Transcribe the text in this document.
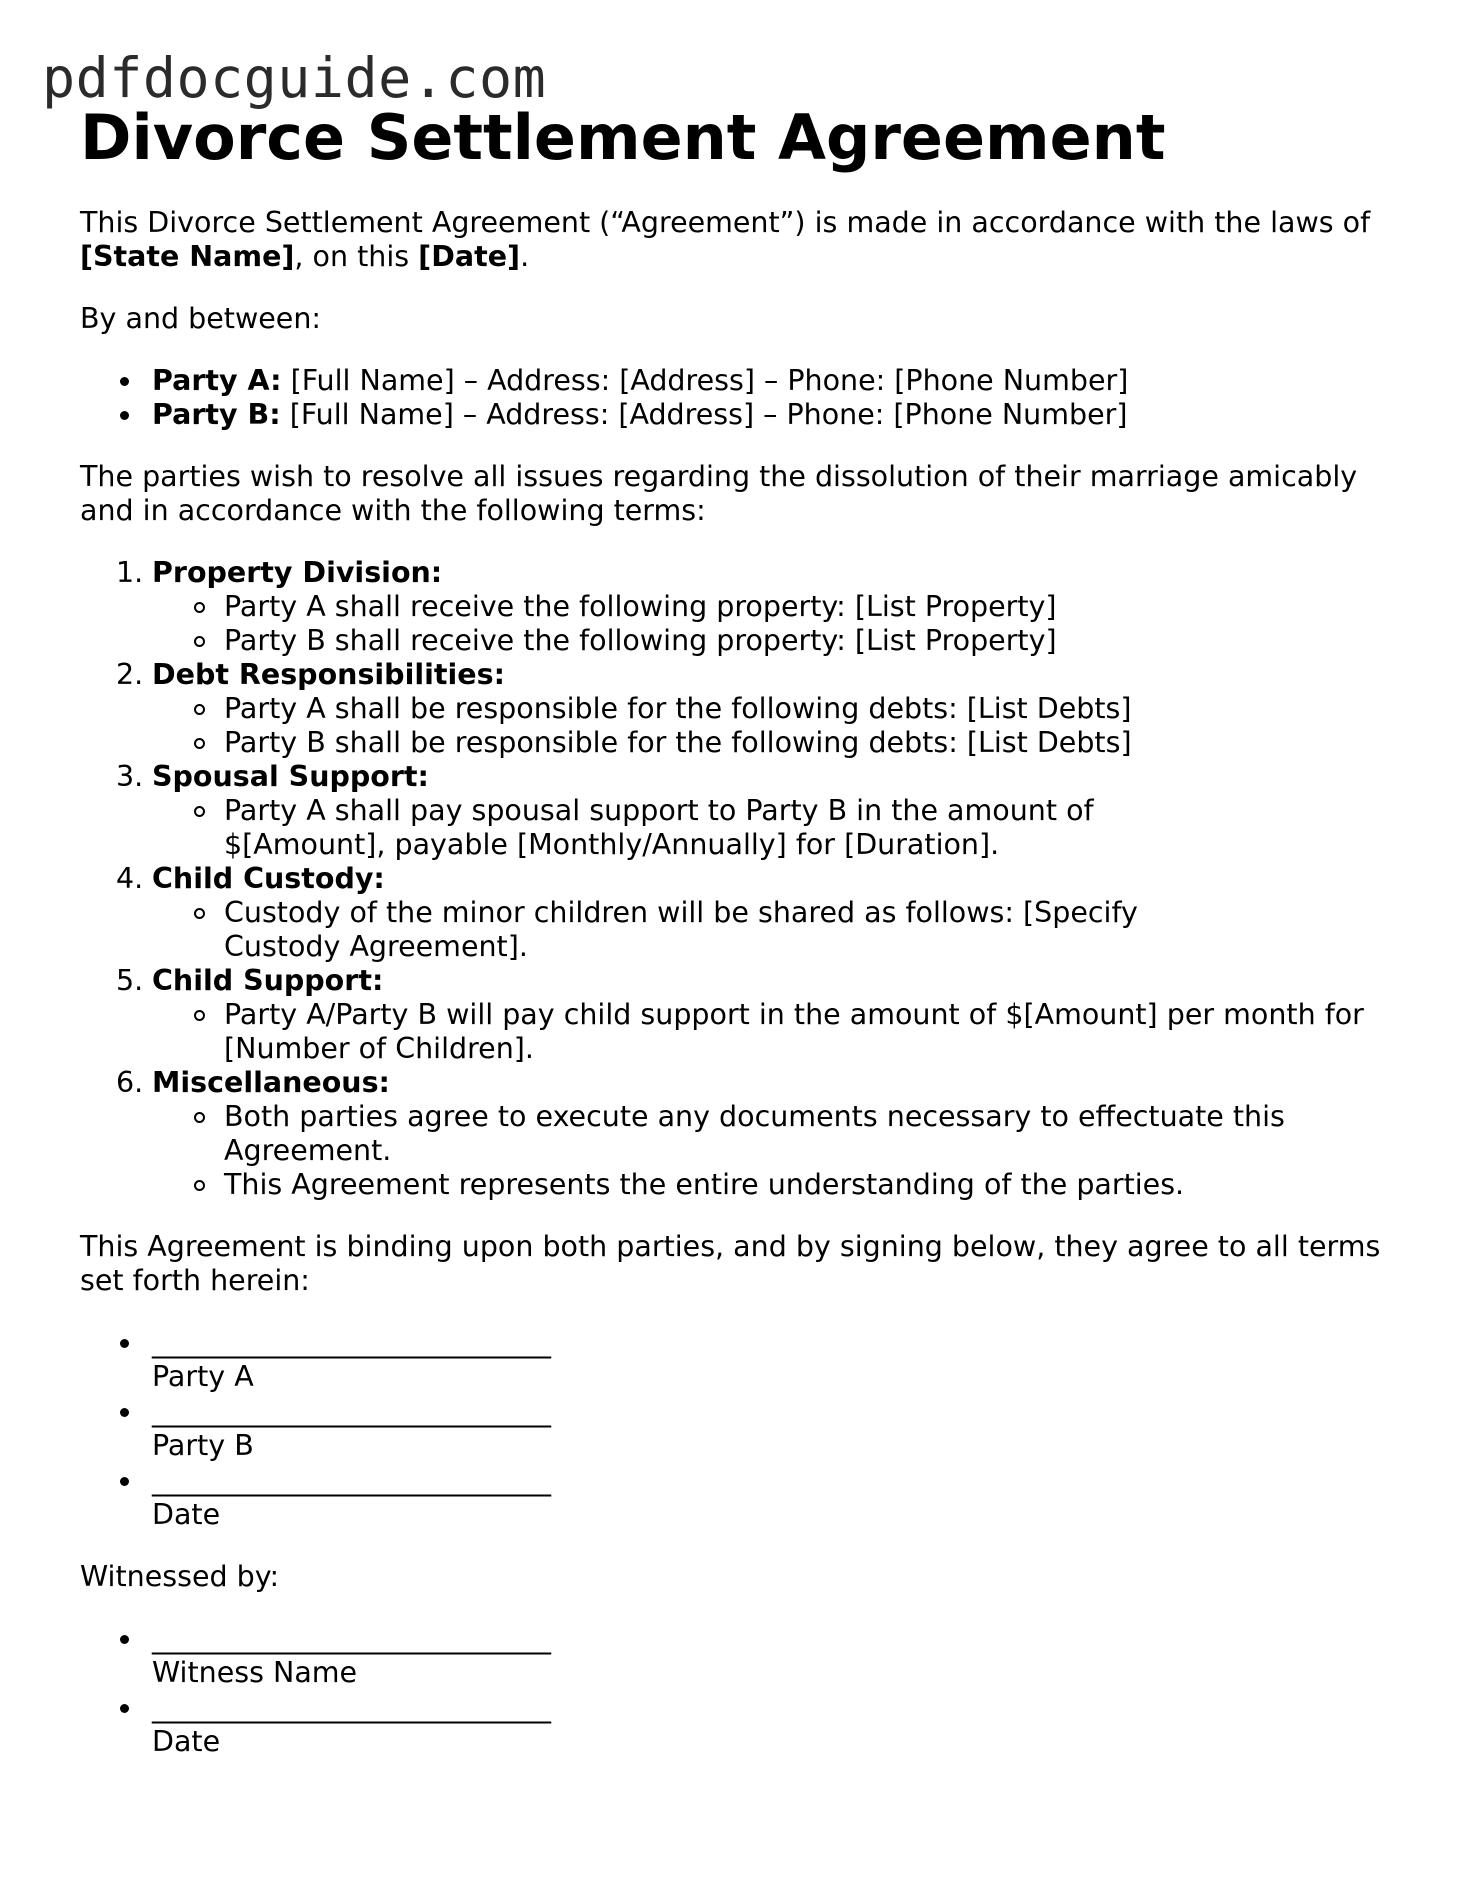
pdfdocguide.com
Divorce Settlement Agreement

This Divorce Settlement Agreement (“Agreement”) is made in accordance with the laws of [State Name], on this [Date].

By and between:

Party A: [Full Name] – Address: [Address] – Phone: [Phone Number]
Party B: [Full Name] – Address: [Address] – Phone: [Phone Number]

The parties wish to resolve all issues regarding the dissolution of their marriage amicably and in accordance with the following terms:

1. Property Division:
Party A shall receive the following property: [List Property]
Party B shall receive the following property: [List Property]
2. Debt Responsibilities:
Party A shall be responsible for the following debts: [List Debts]
Party B shall be responsible for the following debts: [List Debts]
3. Spousal Support:
Party A shall pay spousal support to Party B in the amount of $[Amount], payable [Monthly/Annually] for [Duration].
4. Child Custody:
Custody of the minor children will be shared as follows: [Specify Custody Agreement].
5. Child Support:
Party A/Party B will pay child support in the amount of $[Amount] per month for [Number of Children].
6. Miscellaneous:
Both parties agree to execute any documents necessary to effectuate this Agreement.
This Agreement represents the entire understanding of the parties.

This Agreement is binding upon both parties, and by signing below, they agree to all terms set forth herein:

____________________________
Party A
____________________________
Party B
____________________________
Date

Witnessed by:

____________________________
Witness Name
____________________________
Date
